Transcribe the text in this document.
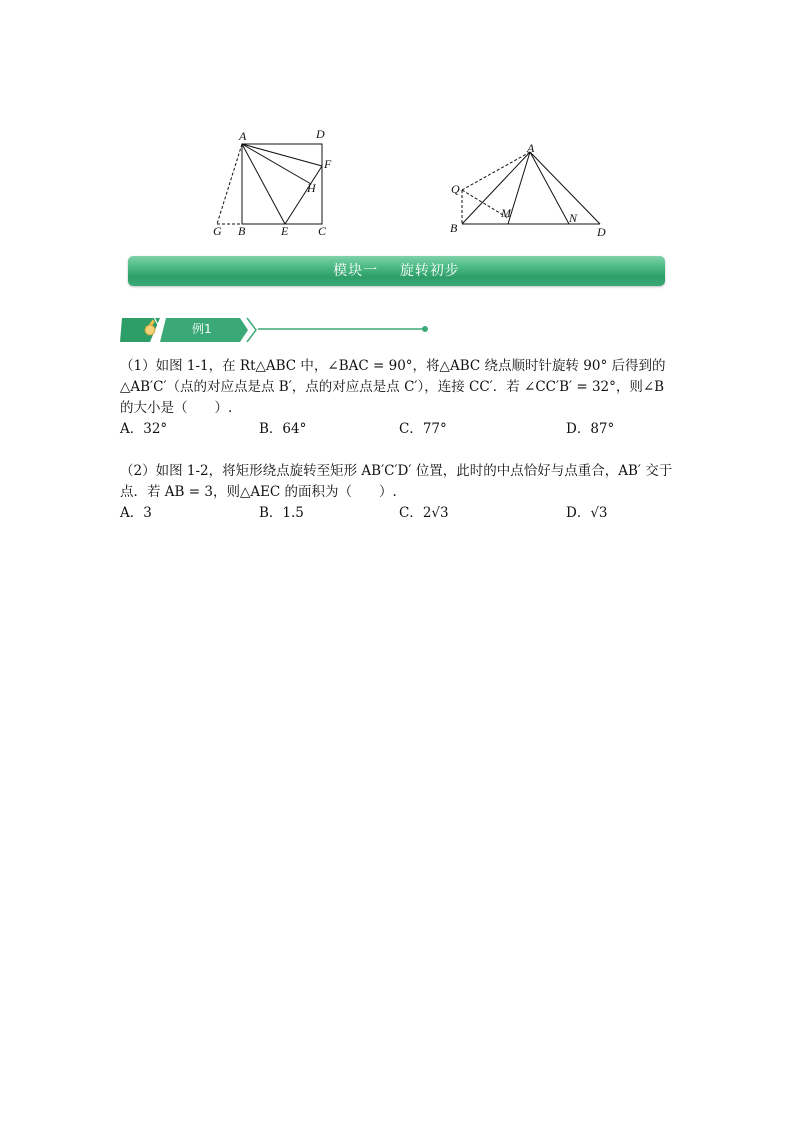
A	D
F
H
G B	E C
A
Q
M	N
B	D
模块一    旋转初步
例1
（1）如图 1-1，在 Rt△ABC 中，∠BAC = 90°，将△ABC 绕点顺时针旋转 90° 后得到的
△AB′C′（点的对应点是点 B′，点的对应点是点 C′），连接 CC′．若 ∠CC′B′ = 32°，则∠B
的大小是（　　）.
A．32°	B．64°	C．77°	D．87°
（2）如图 1-2，将矩形绕点旋转至矩形 AB′C′D′ 位置，此时的中点恰好与点重合，AB′ 交于
点．若 AB = 3，则△AEC 的面积为（　　）.
A．3	B．1.5	C．2√3	D．√3
